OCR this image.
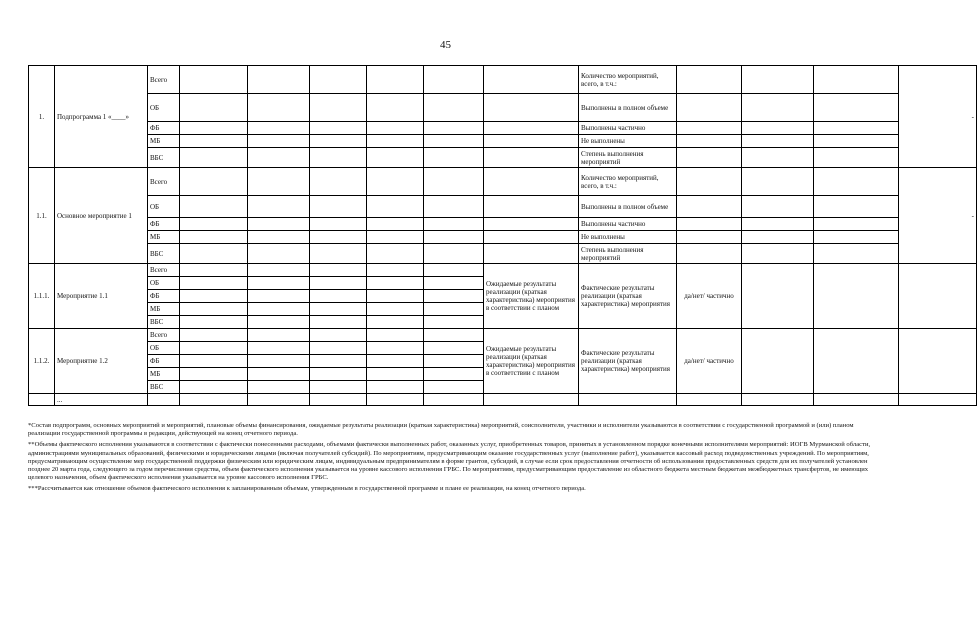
45
1.	Подпрограмма 1 «____»	Всего							Количество мероприятий, всего, в т.ч.:				-
		ОБ							Выполнены в полном объеме				
		ФБ							Выполнены частично				
		МБ							Не выполнены				
		ВБС							Степень выполнения мероприятий				
1.1.	Основное мероприятие 1	Всего							Количество мероприятий, всего, в т.ч.:				-
		ОБ							Выполнены в полном объеме				
		ФБ							Выполнены частично				
		МБ							Не выполнены				
		ВБС							Степень выполнения мероприятий				
1.1.1.	Мероприятие 1.1	Всего						Ожидаемые результаты реализации (краткая характеристика) мероприятия в соответствии с планом	Фактические результаты реализации (краткая характеристика) мероприятия	да/нет/ частично			
		ОБ											
		ФБ											
		МБ											
		ВБС											
1.1.2.	Мероприятие 1.2	Всего						Ожидаемые результаты реализации (краткая характеристика) мероприятия в соответствии с планом	Фактические результаты реализации (краткая характеристика) мероприятия	да/нет/ частично			
		ОБ											
		ФБ											
		МБ											
		ВБС											
	...												

*Состав подпрограмм, основных мероприятий и мероприятий, плановые объемы финансирования, ожидаемые результаты реализации (краткая характеристика) мероприятий, соисполнители, участники и исполнители указываются в соответствии с государственной программой и (или) планом реализации государственной программы в редакции, действующей на конец отчетного периода.

**Объемы фактического исполнения указываются в соответствии с фактически понесенными расходами, объемами фактически выполненных работ, оказанных услуг, приобретенных товаров, принятых в установленном порядке конечными исполнителями мероприятий: ИОГВ Мурманской области, администрациями муниципальных образований, физическими и юридическими лицами (включая получателей субсидий). По мероприятиям, предусматривающим оказание государственных услуг (выполнение работ), указывается кассовый расход подведомственных учреждений. По мероприятиям, предусматривающим осуществление мер государственной поддержки физическим или юридическим лицам, индивидуальным предпринимателям в форме грантов, субсидий, в случае если срок предоставления отчетности об использовании предоставленных средств для их получателей установлен позднее 20 марта года, следующего за годом перечисления средства, объем фактического исполнения указывается на уровне кассового исполнения ГРБС. По мероприятиям, предусматривающим предоставление из областного бюджета местным бюджетам межбюджетных трансфертов, не имеющих целевого назначения, объем фактического исполнения указывается на уровне кассового исполнения ГРБС.

***Рассчитывается как отношение объемов фактического исполнения к запланированным объемам, утвержденным в государственной программе и плане ее реализации, на конец отчетного периода.
